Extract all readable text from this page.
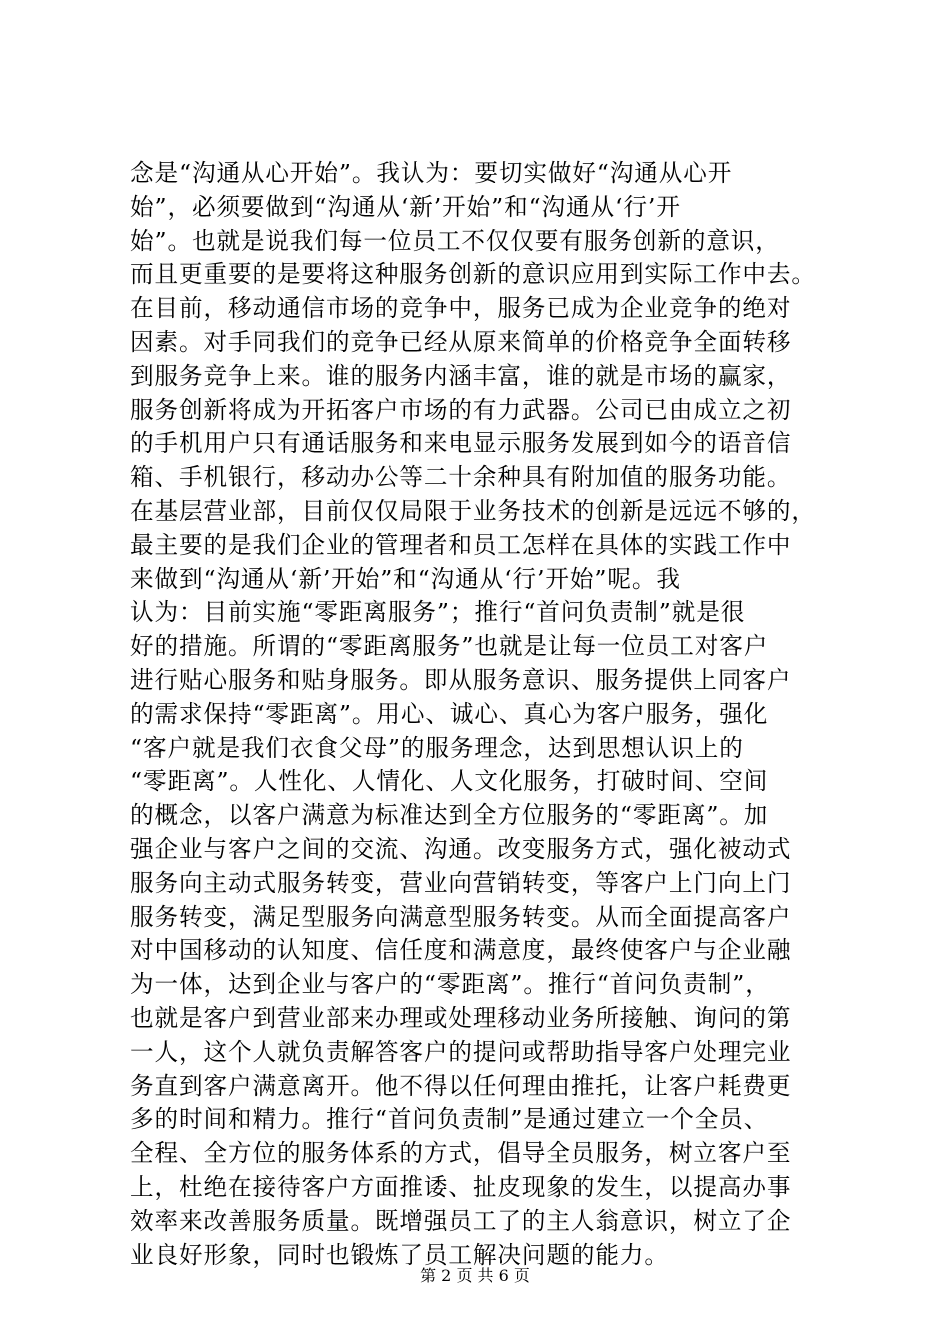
念是“沟通从心开始”。我认为：要切实做好“沟通从心开
始”，必须要做到“沟通从‘新’开始”和“沟通从‘行’开
始”。也就是说我们每一位员工不仅仅要有服务创新的意识，
而且更重要的是要将这种服务创新的意识应用到实际工作中去。
在目前，移动通信市场的竞争中，服务已成为企业竞争的绝对
因素。对手同我们的竞争已经从原来简单的价格竞争全面转移
到服务竞争上来。谁的服务内涵丰富，谁的就是市场的赢家，
服务创新将成为开拓客户市场的有力武器。公司已由成立之初
的手机用户只有通话服务和来电显示服务发展到如今的语音信
箱、手机银行，移动办公等二十余种具有附加值的服务功能。
在基层营业部，目前仅仅局限于业务技术的创新是远远不够的，
最主要的是我们企业的管理者和员工怎样在具体的实践工作中
来做到“沟通从‘新’开始”和“沟通从‘行’开始”呢。我
认为：目前实施“零距离服务”；推行“首问负责制”就是很
好的措施。所谓的“零距离服务”也就是让每一位员工对客户
进行贴心服务和贴身服务。即从服务意识、服务提供上同客户
的需求保持“零距离”。用心、诚心、真心为客户服务，强化
“客户就是我们衣食父母”的服务理念，达到思想认识上的
“零距离”。人性化、人情化、人文化服务，打破时间、空间
的概念，以客户满意为标准达到全方位服务的“零距离”。加
强企业与客户之间的交流、沟通。改变服务方式，强化被动式
服务向主动式服务转变，营业向营销转变，等客户上门向上门
服务转变，满足型服务向满意型服务转变。从而全面提高客户
对中国移动的认知度、信任度和满意度，最终使客户与企业融
为一体，达到企业与客户的“零距离”。推行“首问负责制”，
也就是客户到营业部来办理或处理移动业务所接触、询问的第
一人，这个人就负责解答客户的提问或帮助指导客户处理完业
务直到客户满意离开。他不得以任何理由推托，让客户耗费更
多的时间和精力。推行“首问负责制”是通过建立一个全员、
全程、全方位的服务体系的方式，倡导全员服务，树立客户至
上，杜绝在接待客户方面推诿、扯皮现象的发生，以提高办事
效率来改善服务质量。既增强员工了的主人翁意识，树立了企
业良好形象，同时也锻炼了员工解决问题的能力。
第 2 页 共 6 页
